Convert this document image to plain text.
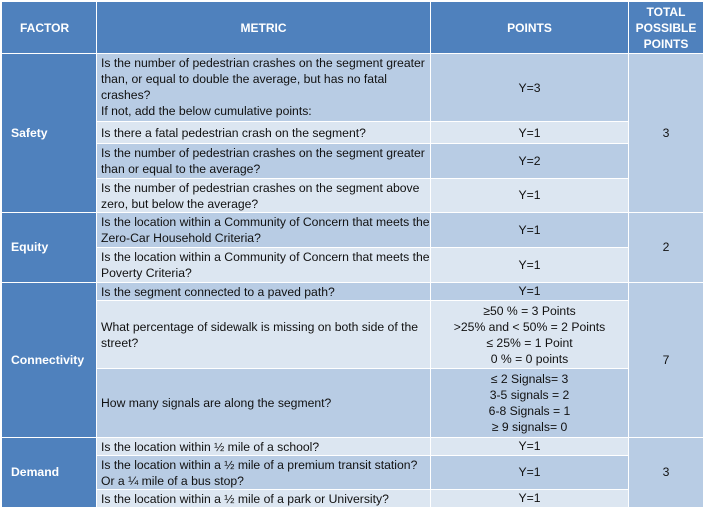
FACTOR	METRIC	POINTS	TOTAL
POSSIBLE
POINTS

Safety	Is the number of pedestrian crashes on the segment greater than, or equal to double the average, but has no fatal crashes?
If not, add the below cumulative points:	Y=3	3
	Is there a fatal pedestrian crash on the segment?	Y=1	
	Is the number of pedestrian crashes on the segment greater than or equal to the average?	Y=2	
	Is the number of pedestrian crashes on the segment above zero, but below the average?	Y=1	
Equity	Is the location within a Community of Concern that meets the Zero-Car Household Criteria?	Y=1	2
	Is the location within a Community of Concern that meets the Poverty Criteria?	Y=1	
Connectivity	Is the segment connected to a paved path?	Y=1	7
	What percentage of sidewalk is missing on both side of the street?	≥50 % = 3 Points
>25% and < 50% = 2 Points
≤ 25% = 1 Point
0 % = 0 points	

	How many signals are along the segment?	≤ 2 Signals= 3
3-5 signals = 2
6-8 Signals = 1
≥ 9 signals= 0	

Demand	Is the location within ½ mile of a school?	Y=1	3
	Is the location within a ½ mile of a premium transit station? Or a ¼ mile of a bus stop?	Y=1	
	Is the location within a ½ mile of a park or University?	Y=1	
